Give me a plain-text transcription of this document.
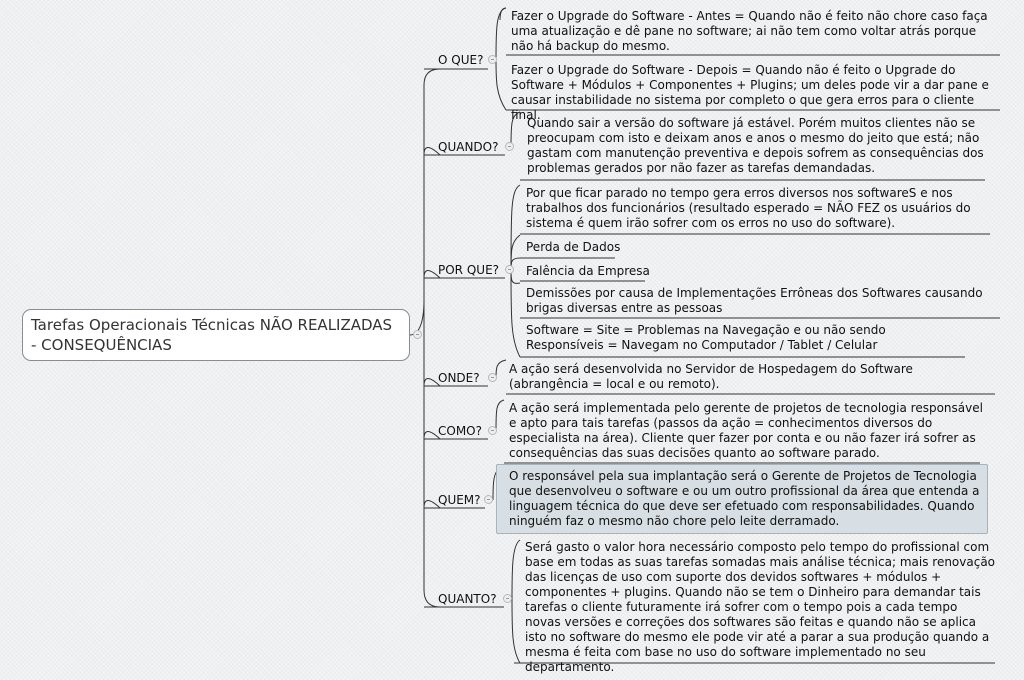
Tarefas Operacionais Técnicas NÃO REALIZADAS - CONSEQUÊNCIAS
O QUE?
Fazer o Upgrade do Software - Antes = Quando não é feito não chore caso faça uma atualização e dê pane no software; ai não tem como voltar atrás porque não há backup do mesmo.
Fazer o Upgrade do Software - Depois = Quando não é feito o Upgrade do Software + Módulos + Componentes + Plugins; um deles pode vir a dar pane e causar instabilidade no sistema por completo o que gera erros para o cliente final.
QUANDO?
Quando sair a versão do software já estável. Porém muitos clientes não se preocupam com isto e deixam anos e anos o mesmo do jeito que está; não gastam com manutenção preventiva e depois sofrem as consequências dos problemas gerados por não fazer as tarefas demandadas.
POR QUE?
Por que ficar parado no tempo gera erros diversos nos softwareS e nos trabalhos dos funcionários (resultado esperado = NÃO FEZ os usuários do sistema é quem irão sofrer com os erros no uso do software).
Perda de Dados
Falência da Empresa
Demissões por causa de Implementações Errôneas dos Softwares causando brigas diversas entre as pessoas
Software = Site = Problemas na Navegação e ou não sendo Responsíveis = Navegam no Computador / Tablet / Celular
ONDE?
A ação será desenvolvida no Servidor de Hospedagem do Software (abrangência = local e ou remoto).
COMO?
A ação será implementada pelo gerente de projetos de tecnologia responsável e apto para tais tarefas (passos da ação = conhecimentos diversos do especialista na área). Cliente quer fazer por conta e ou não fazer irá sofrer as consequências das suas decisões quanto ao software parado.
QUEM?
O responsável pela sua implantação será o Gerente de Projetos de Tecnologia que desenvolveu o software e ou um outro profissional da área que entenda a linguagem técnica do que deve ser efetuado com responsabilidades. Quando ninguém faz o mesmo não chore pelo leite derramado.
QUANTO?
Será gasto o valor hora necessário composto pelo tempo do profissional com base em todas as suas tarefas somadas mais análise técnica; mais renovação das licenças de uso com suporte dos devidos softwares + módulos + componentes + plugins. Quando não se tem o Dinheiro para demandar tais tarefas o cliente futuramente irá sofrer com o tempo pois a cada tempo novas versões e correções dos softwares são feitas e quando não se aplica isto no software do mesmo ele pode vir até a parar a sua produção quando a mesma é feita com base no uso do software implementado no seu departamento.
